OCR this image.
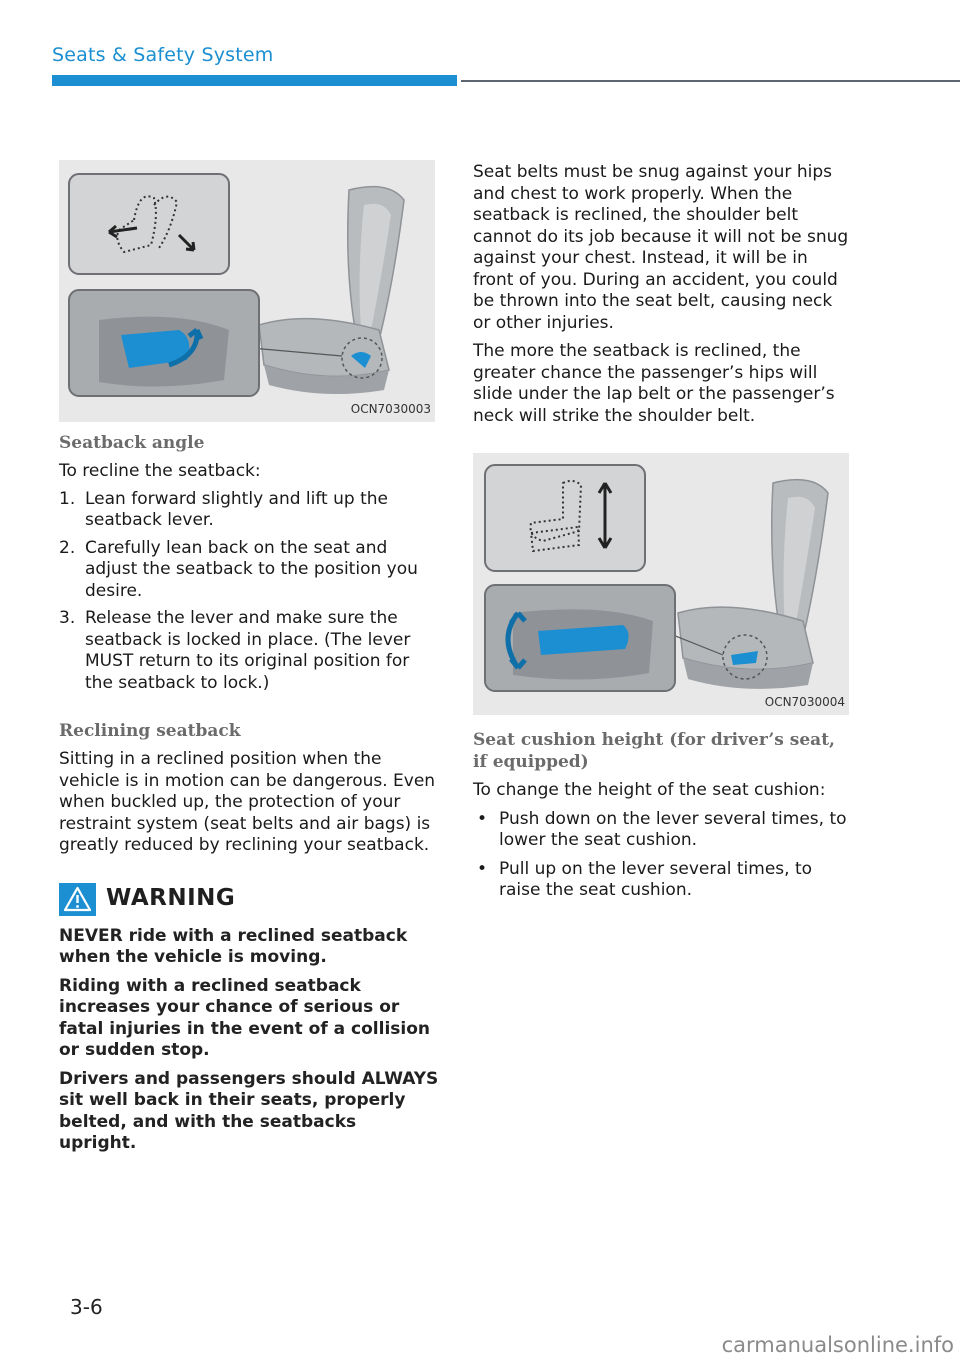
Seats & Safety System
OCN7030003
Seatback angle

To recline the seatback:

1. Lean forward slightly and lift up the seatback lever.
2. Carefully lean back on the seat and adjust the seatback to the position you desire.
3. Release the lever and make sure the seatback is locked in place. (The lever MUST return to its original position for the seatback to lock.)
Reclining seatback

Sitting in a reclined position when the vehicle is in motion can be dangerous. Even when buckled up, the protection of your restraint system (seat belts and air bags) is greatly reduced by reclining your seatback.

WARNING

NEVER ride with a reclined seatback when the vehicle is moving.

Riding with a reclined seatback increases your chance of serious or fatal injuries in the event of a collision or sudden stop.

Drivers and passengers should ALWAYS sit well back in their seats, properly belted, and with the seatbacks upright.

Seat belts must be snug against your hips and chest to work properly. When the seatback is reclined, the shoulder belt cannot do its job because it will not be snug against your chest. Instead, it will be in front of you. During an accident, you could be thrown into the seat belt, causing neck or other injuries.

The more the seatback is reclined, the greater chance the passenger’s hips will slide under the lap belt or the passenger’s neck will strike the shoulder belt.

OCN7030004
Seat cushion height (for driver’s seat, if equipped)

To change the height of the seat cushion:

• Push down on the lever several times, to lower the seat cushion.
• Pull up on the lever several times, to raise the seat cushion.
3-6
carmanualsonline.info
